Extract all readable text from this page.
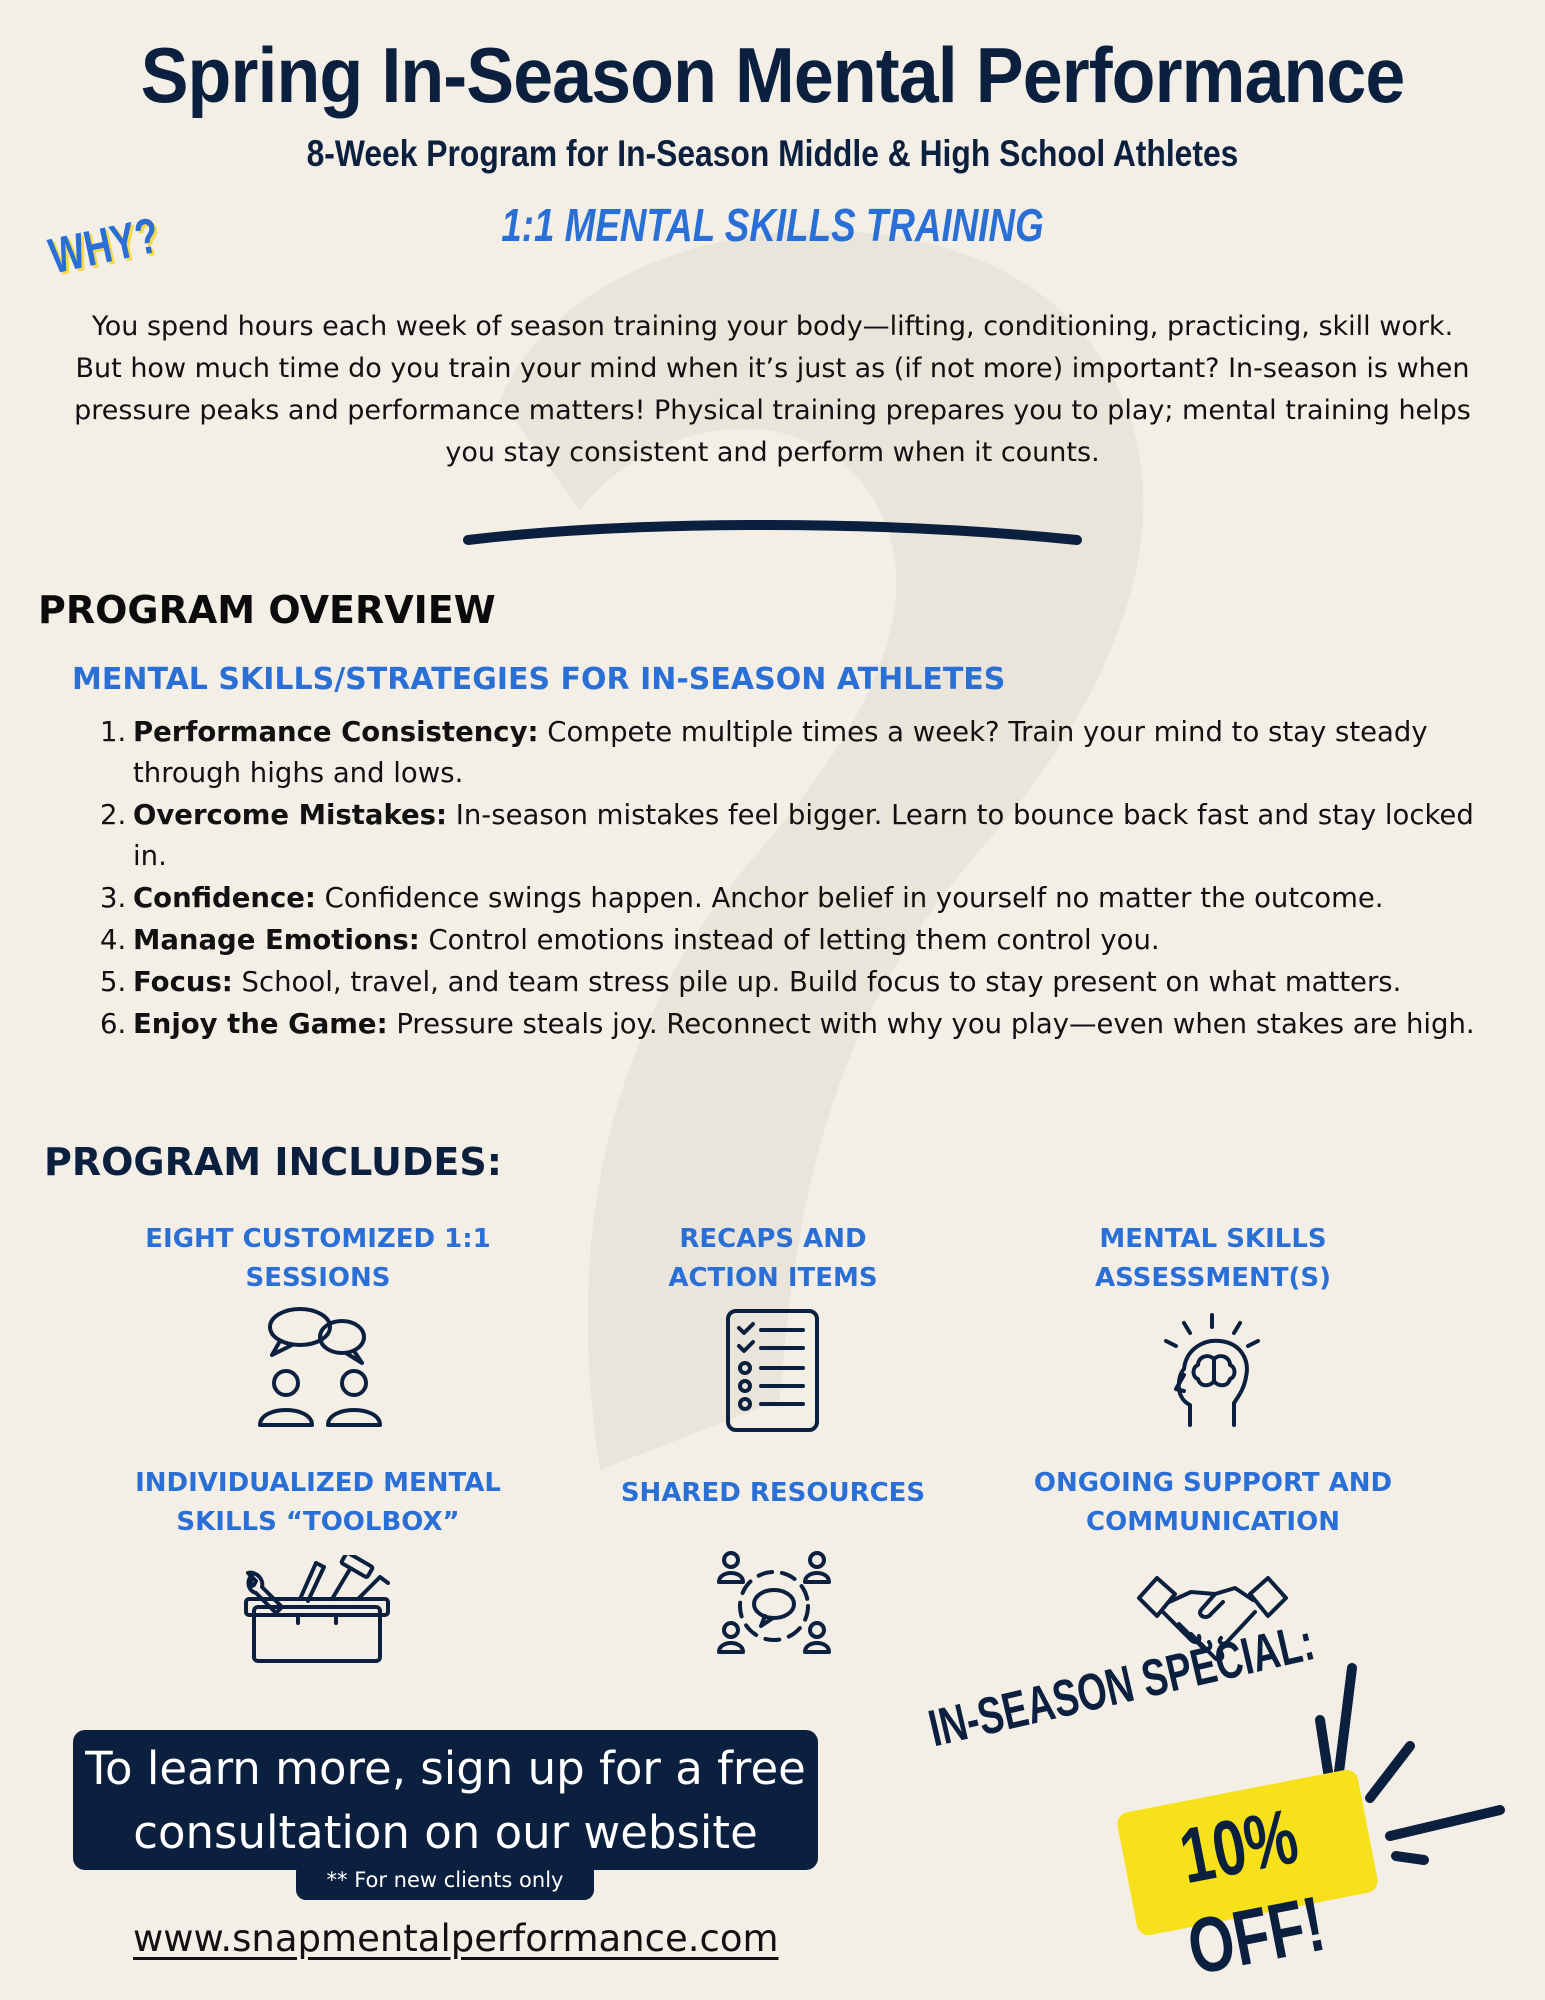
Spring In-Season Mental Performance
8-Week Program for In-Season Middle & High School Athletes
1:1 MENTAL SKILLS TRAINING
WHY?
You spend hours each week of season training your body—lifting, conditioning, practicing, skill work. But how much time do you train your mind when it’s just as (if not more) important? In-season is when pressure peaks and performance matters! Physical training prepares you to play; mental training helps you stay consistent and perform when it counts.
PROGRAM OVERVIEW
MENTAL SKILLS/STRATEGIES FOR IN-SEASON ATHLETES
1. Performance Consistency: Compete multiple times a week? Train your mind to stay steady through highs and lows.
2. Overcome Mistakes: In-season mistakes feel bigger. Learn to bounce back fast and stay locked in.
3. Confidence: Confidence swings happen. Anchor belief in yourself no matter the outcome.
4. Manage Emotions: Control emotions instead of letting them control you.
5. Focus: School, travel, and team stress pile up. Build focus to stay present on what matters.
6. Enjoy the Game: Pressure steals joy. Reconnect with why you play—even when stakes are high.
PROGRAM INCLUDES:
EIGHT CUSTOMIZED 1:1
SESSIONS
RECAPS AND
ACTION ITEMS
MENTAL SKILLS
ASSESSMENT(S)
INDIVIDUALIZED MENTAL
SKILLS “TOOLBOX”
SHARED RESOURCES	ONGOING SUPPORT AND
COMMUNICATION
To learn more, sign up for a free
consultation on our website
** For new clients only
www.snapmentalperformance.com
IN-SEASON SPECIAL:
10% OFF!
